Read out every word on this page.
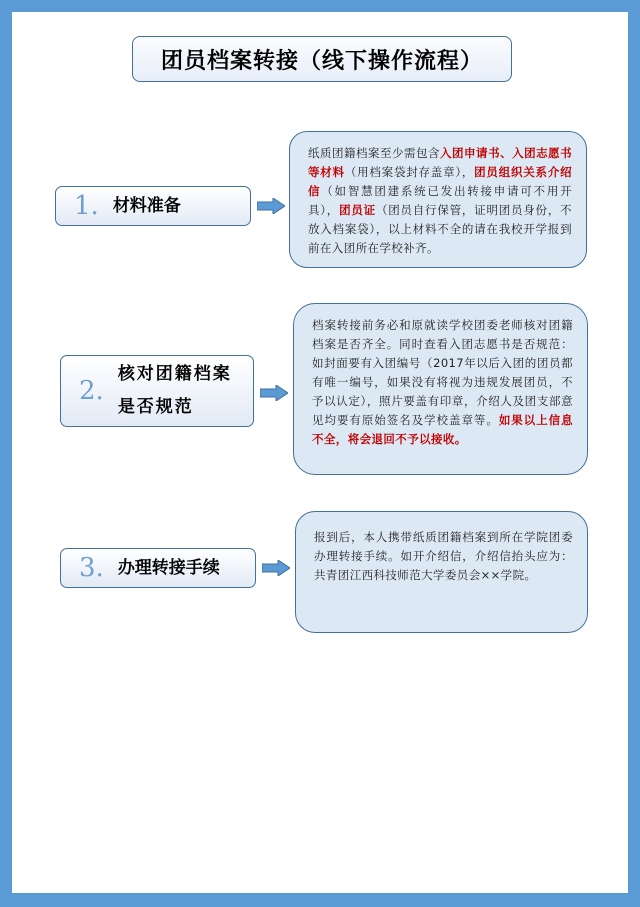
团员档案转接（线下操作流程）
1. 材料准备
纸质团籍档案至少需包含入团申请书、入团志愿书等材料（用档案袋封存盖章），团员组织关系介绍信（如智慧团建系统已发出转接申请可不用开具），团员证（团员自行保管，证明团员身份，不放入档案袋），以上材料不全的请在我校开学报到前在入团所在学校补齐。
2.
核对团籍档案是否规范
档案转接前务必和原就读学校团委老师核对团籍档案是否齐全。同时查看入团志愿书是否规范：如封面要有入团编号（2017年以后入团的团员都有唯一编号，如果没有将视为违规发展团员，不予以认定），照片要盖有印章，介绍人及团支部意见均要有原始签名及学校盖章等。如果以上信息不全，将会退回不予以接收。
3. 办理转接手续
报到后，本人携带纸质团籍档案到所在学院团委办理转接手续。如开介绍信，介绍信抬头应为：共青团江西科技师范大学委员会××学院。
